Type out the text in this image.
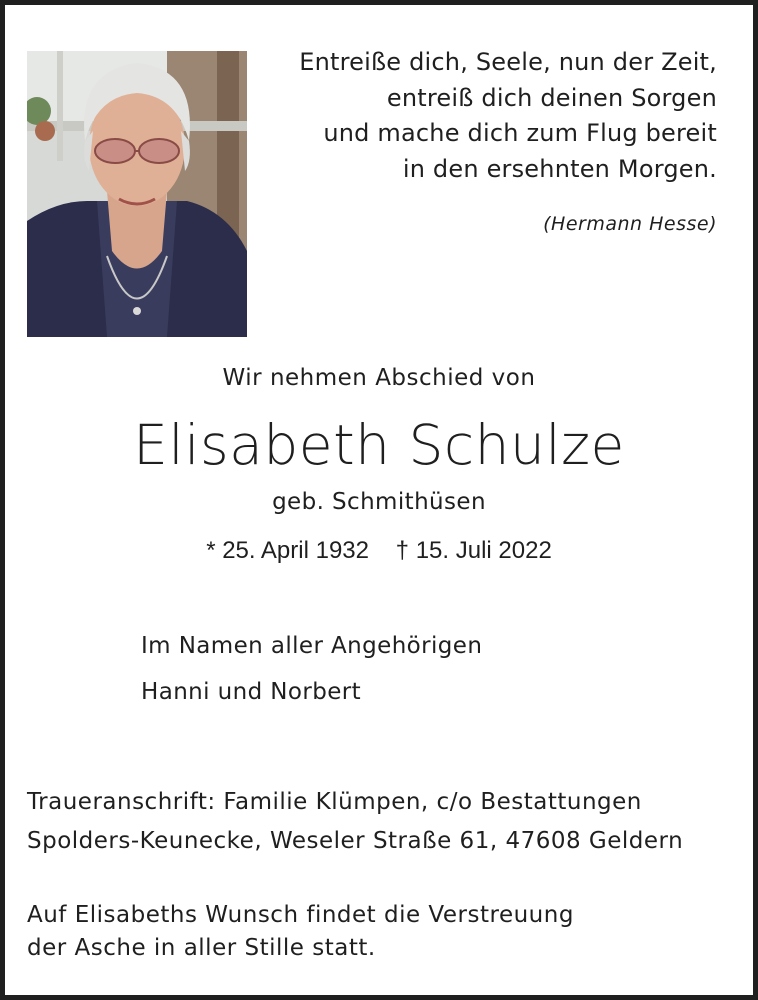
Entreiße dich, Seele, nun der Zeit,
entreiß dich deinen Sorgen
und mache dich zum Flug bereit
in den ersehnten Morgen.
(Hermann Hesse)
Wir nehmen Abschied von
Elisabeth Schulze
geb. Schmithüsen
* 25. April 1932 † 15. Juli 2022
Im Namen aller Angehörigen
Hanni und Norbert
Traueranschrift: Familie Klümpen, c/o Bestattungen
Spolders-Keunecke, Weseler Straße 61, 47608 Geldern
Auf Elisabeths Wunsch findet die Verstreuung
der Asche in aller Stille statt.
